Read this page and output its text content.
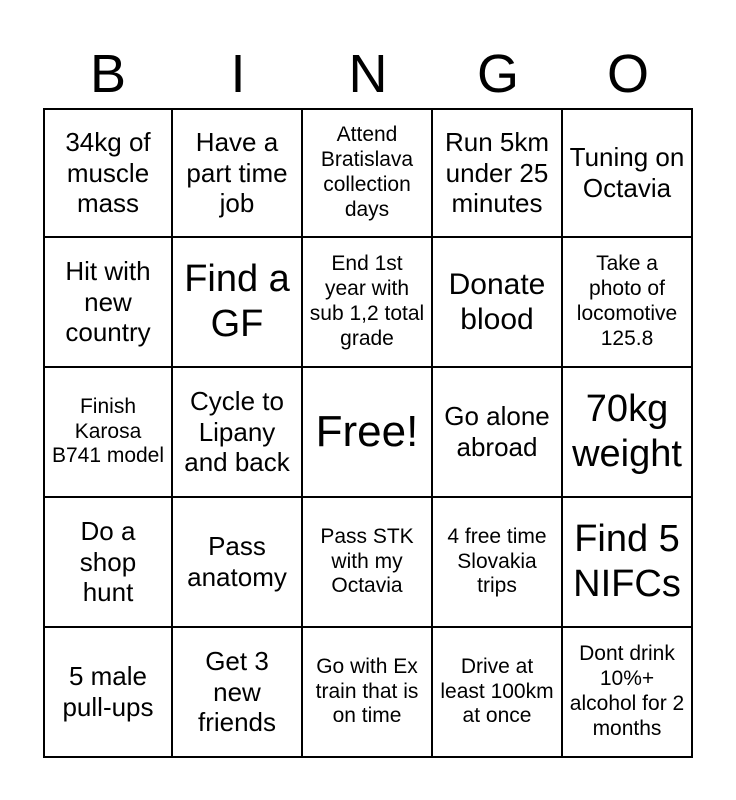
B	I	N	G	O
34kg of muscle mass
Have a part time job
Attend Bratislava collection days
Run 5km under 25 minutes
Tuning on Octavia
Hit with new country
Find a GF
End 1st year with sub 1,2 total grade
Donate blood
Take a photo of locomotive 125.8
Finish Karosa B741 model
Cycle to Lipany and back
Free! Go alone abroad
70kg weight
Do a shop hunt
Pass anatomy
Pass STK with my Octavia
4 free time Slovakia trips
Find 5 NIFCs
5 male pull-ups
Get 3 new friends
Go with Ex train that is on time
Drive at least 100km at once
Dont drink 10%+ alcohol for 2 months
